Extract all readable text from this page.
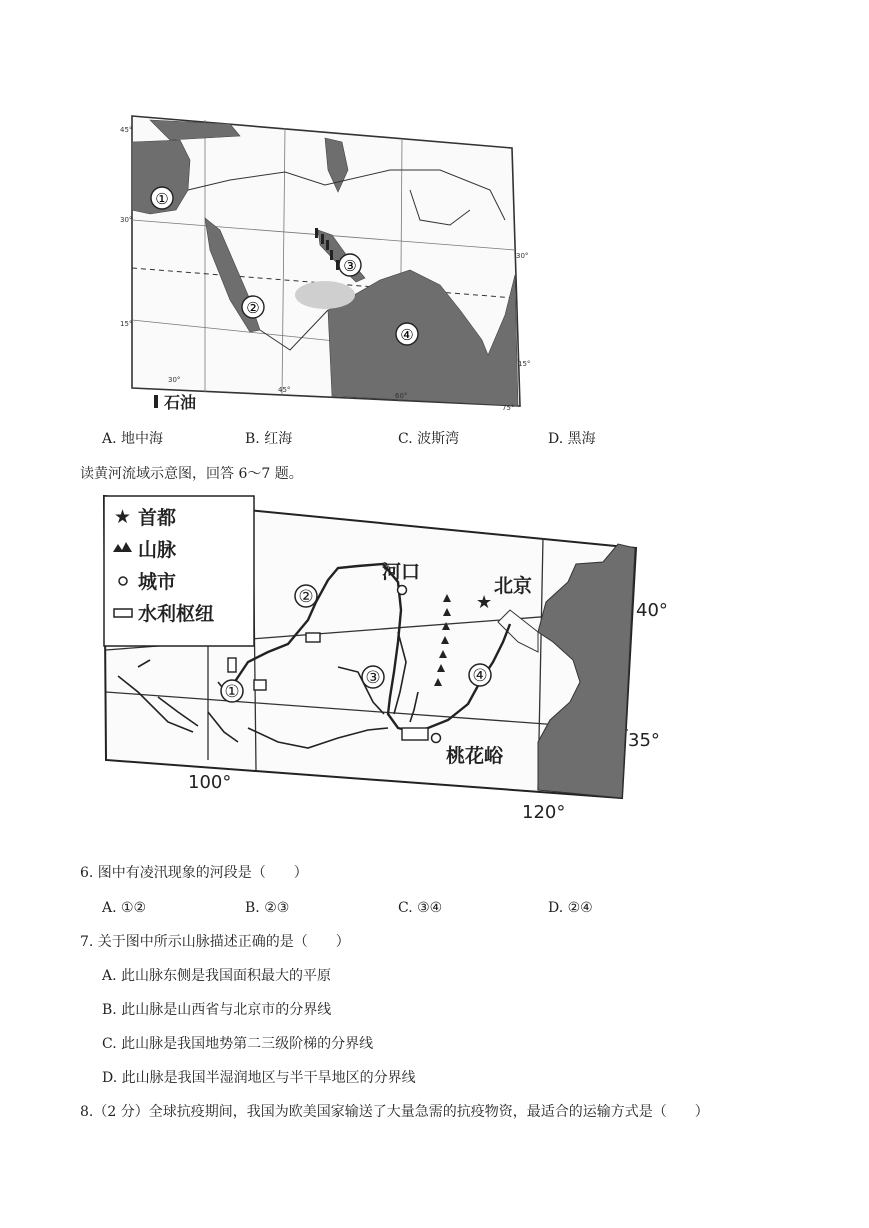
①
②
③
④
45°
30°
30°
15°
15°
30°
45°
60°
75°
石油
A. 地中海	B. 红海	C. 波斯湾	D. 黑海
读黄河流域示意图，回答 6～7 题。
★ 首都
山脉
城市
水利枢纽
★
河口
北京
桃花峪
①
②
③	④
40°
35°
100°
120°
6. 图中有凌汛现象的河段是（　　）
A. ①②	B. ②③	C. ③④	D. ②④
7. 关于图中所示山脉描述正确的是（　　）
A. 此山脉东侧是我国面积最大的平原
B. 此山脉是山西省与北京市的分界线
C. 此山脉是我国地势第二三级阶梯的分界线
D. 此山脉是我国半湿润地区与半干旱地区的分界线
8.（2 分）全球抗疫期间，我国为欧美国家输送了大量急需的抗疫物资，最适合的运输方式是（　　）
